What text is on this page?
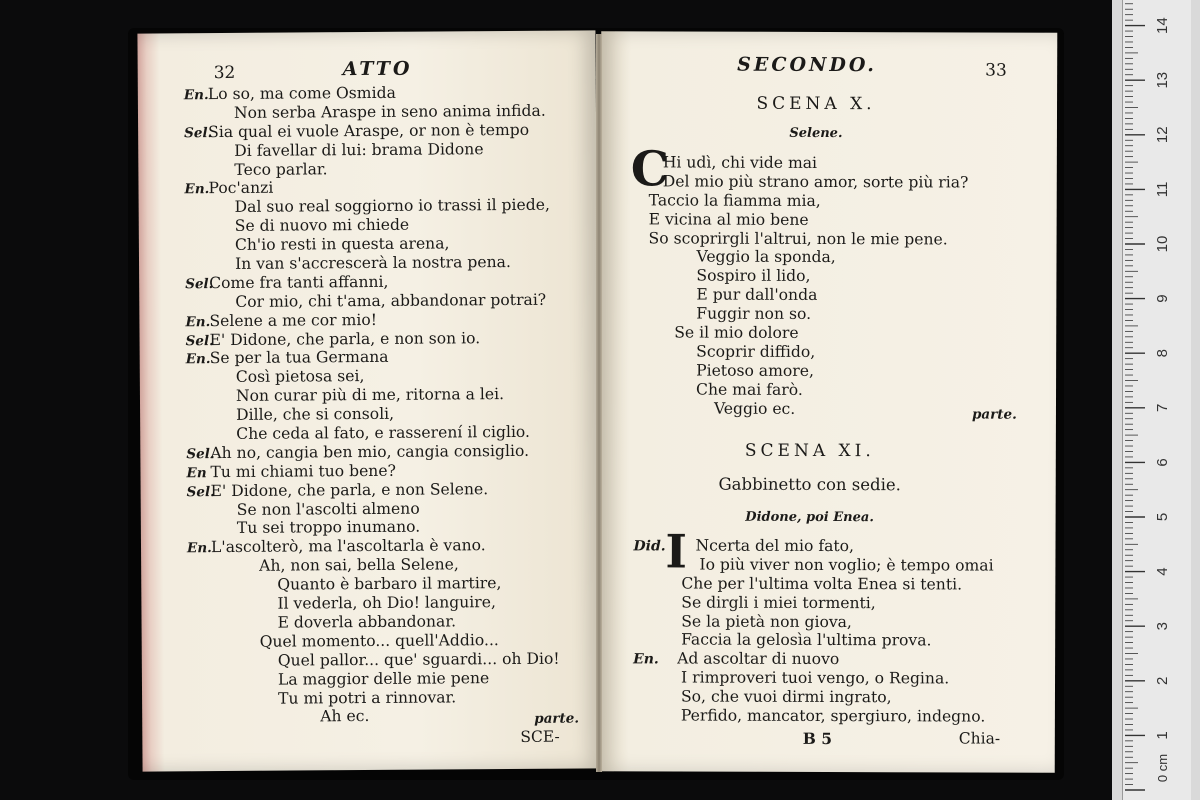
32	ATTO
En.Lo so, ma come Osmida
Non serba Araspe in seno anima infida.
Sel.Sia qual ei vuole Araspe, or non è tempo
Di favellar di lui: brama Didone
Teco parlar.
En.Poc'anzi
Dal suo real soggiorno io trassi il piede,
Se di nuovo mi chiede
Ch'io resti in questa arena,
In van s'accrescerà la nostra pena.
Sel.Come fra tanti affanni,
Cor mio, chi t'ama, abbandonar potrai?
En.Selene a me cor mio!
Sel.E' Didone, che parla, e non son io.
En.Se per la tua Germana
Così pietosa sei,
Non curar più di me, ritorna a lei.
Dille, che si consoli,
Che ceda al fato, e rasserení il ciglio.
Sel.Ah no, cangia ben mio, cangia consiglio.
En Tu mi chiami tuo bene?
Sel.E' Didone, che parla, e non Selene.
Se non l'ascolti almeno
Tu sei troppo inumano.
En.L'ascolterò, ma l'ascoltarla è vano.
Ah, non sai, bella Selene,
Quanto è barbaro il martire,
Il vederla, oh Dio! languire,
E doverla abbandonar.
Quel momento... quell'Addio...
Quel pallor... que' sguardi... oh Dio!
La maggior delle mie pene
Tu mi potri a rinnovar.
Ah ec.	parte.
SCE-
SECONDO.	33
SCENA X.
Selene.
C
Hi udì, chi vide mai
Del mio più strano amor, sorte più ria?
Taccio la fiamma mia,
E vicina al mio bene
So scoprirgli l'altrui, non le mie pene.
Veggio la sponda,
Sospiro il lido,
E pur dall'onda
Fuggir non so.
Se il mio dolore
Scoprir diffido,
Pietoso amore,
Che mai farò.
Veggio ec.	parte.
SCENA XI.
Gabbinetto con sedie.
Didone, poi Enea.
I
Did. Ncerta del mio fato,
Io più viver non voglio; è tempo omai
Che per l'ultima volta Enea si tenti.
Se dirgli i miei tormenti,
Se la pietà non giova,
Faccia la gelosìa l'ultima prova.
En. Ad ascoltar di nuovo
I rimproveri tuoi vengo, o Regina.
So, che vuoi dirmi ingrato,
Perfido, mancator, spergiuro, indegno.
B 5	Chia-	1
2
3
4
5
6
7
8
9
10
11
12
13
14
0 cm
